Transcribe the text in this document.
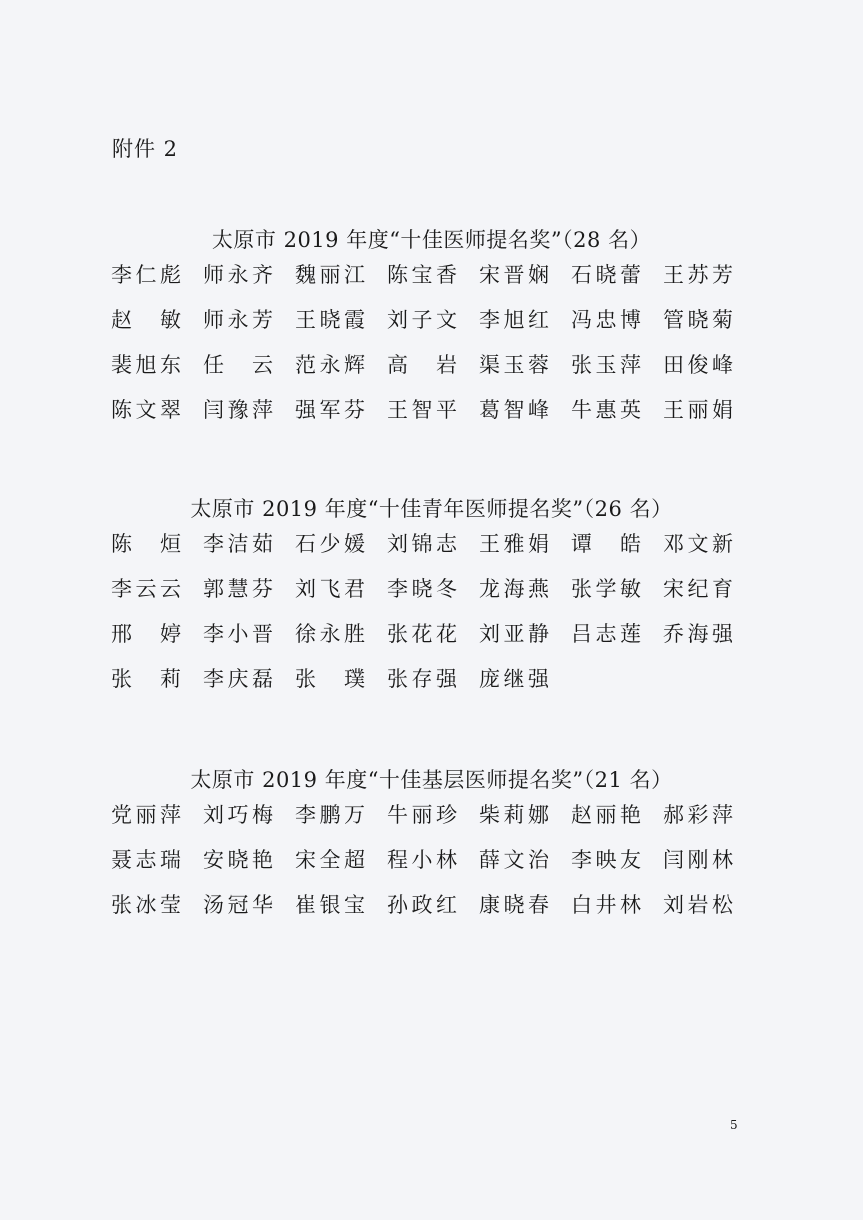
附件 2
太原市 2019 年度“十佳医师提名奖”（28 名）
李 仁 彪 师 永 齐 魏 丽 江 陈 宝 香 宋 晋 娴 石 晓 蕾 王 苏 芳
赵 敏 师 永 芳 王 晓 霞 刘 子 文 李 旭 红 冯 忠 博 管 晓 菊
裴 旭 东 任 云 范 永 辉 高 岩 渠 玉 蓉 张 玉 萍 田 俊 峰
陈 文 翠 闫 豫 萍 强 军 芬 王 智 平 葛 智 峰 牛 惠 英 王 丽 娟
太原市 2019 年度“十佳青年医师提名奖”（26 名）
陈 烜 李 洁 茹 石 少 媛 刘 锦 志 王 雅 娟 谭 皓 邓 文 新
李 云 云 郭 慧 芬 刘 飞 君 李 晓 冬 龙 海 燕 张 学 敏 宋 纪 育
邢 婷 李 小 晋 徐 永 胜 张 花 花 刘 亚 静 吕 志 莲 乔 海 强
张 莉 李 庆 磊 张 璞 张 存 强 庞 继 强
太原市 2019 年度“十佳基层医师提名奖”（21 名）
党 丽 萍 刘 巧 梅 李 鹏 万 牛 丽 珍 柴 莉 娜 赵 丽 艳 郝 彩 萍
聂 志 瑞 安 晓 艳 宋 全 超 程 小 林 薛 文 治 李 映 友 闫 刚 林
张 冰 莹 汤 冠 华 崔 银 宝 孙 政 红 康 晓 春 白 井 林 刘 岩 松
5
